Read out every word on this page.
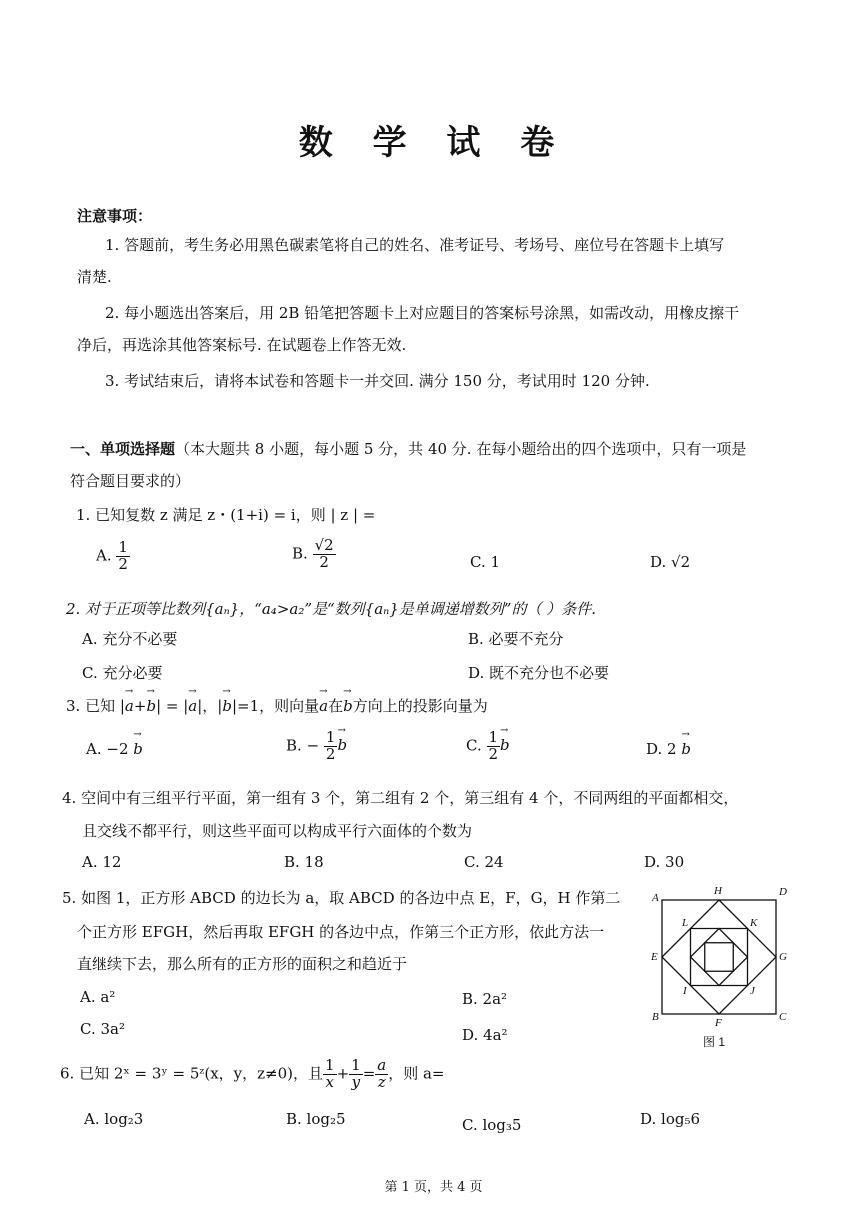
数 学 试 卷
注意事项：
1. 答题前，考生务必用黑色碳素笔将自己的姓名、准考证号、考场号、座位号在答题卡上填写
清楚.
2. 每小题选出答案后，用 2B 铅笔把答题卡上对应题目的答案标号涂黑，如需改动，用橡皮擦干
净后，再选涂其他答案标号. 在试题卷上作答无效.
3. 考试结束后，请将本试卷和答题卡一并交回. 满分 150 分，考试用时 120 分钟.
一、单项选择题（本大题共 8 小题，每小题 5 分，共 40 分. 在每小题给出的四个选项中，只有一项是
符合题目要求的）
1. 已知复数 z 满足 z・(1+i) = i，则 | z | =
A. $\frac{1}{2}$	B. $\frac{√2}{2}$	C. 1	D. √2
2. 对于正项等比数列{aₙ}，“a₄>a₂”是“数列{aₙ}是单调递增数列”的（ ）条件.
A. 充分不必要	B. 必要不充分
C. 充分必要	D. 既不充分也不必要
3. 已知 |→ a+→ b| = |→ a|，|→ b|=1，则向量→ a在→ b方向上的投影向量为
A. −2 → b	B. − $\frac{1}{2}$
→ b	C. $\frac{1}{2}$
→ b	D. 2 → b
4. 空间中有三组平行平面，第一组有 3 个，第二组有 2 个，第三组有 4 个，不同两组的平面都相交，
且交线不都平行，则这些平面可以构成平行六面体的个数为
A. 12	B. 18	C. 24	D. 30
5. 如图 1，正方形 ABCD 的边长为 a，取 ABCD 的各边中点 E，F，G，H 作第二
个正方形 EFGH，然后再取 EFGH 的各边中点，作第三个正方形，依此方法一
直继续下去，那么所有的正方形的面积之和趋近于
A. a²	B. 2a²
C. 3a²	D. 4a²
A
B	C
D
E
F
G
H
I	J
K
L
图 1
6. 已知 2ˣ = 3ʸ = 5ᶻ(x，y，z≠0)，且 $\frac{1}{x} + \frac{1}{y} = \frac{a}{z}$ ，则 a=
A. log₂3	B. log₂5	C. log₃5	D. log₅6
第 1 页，共 4 页
